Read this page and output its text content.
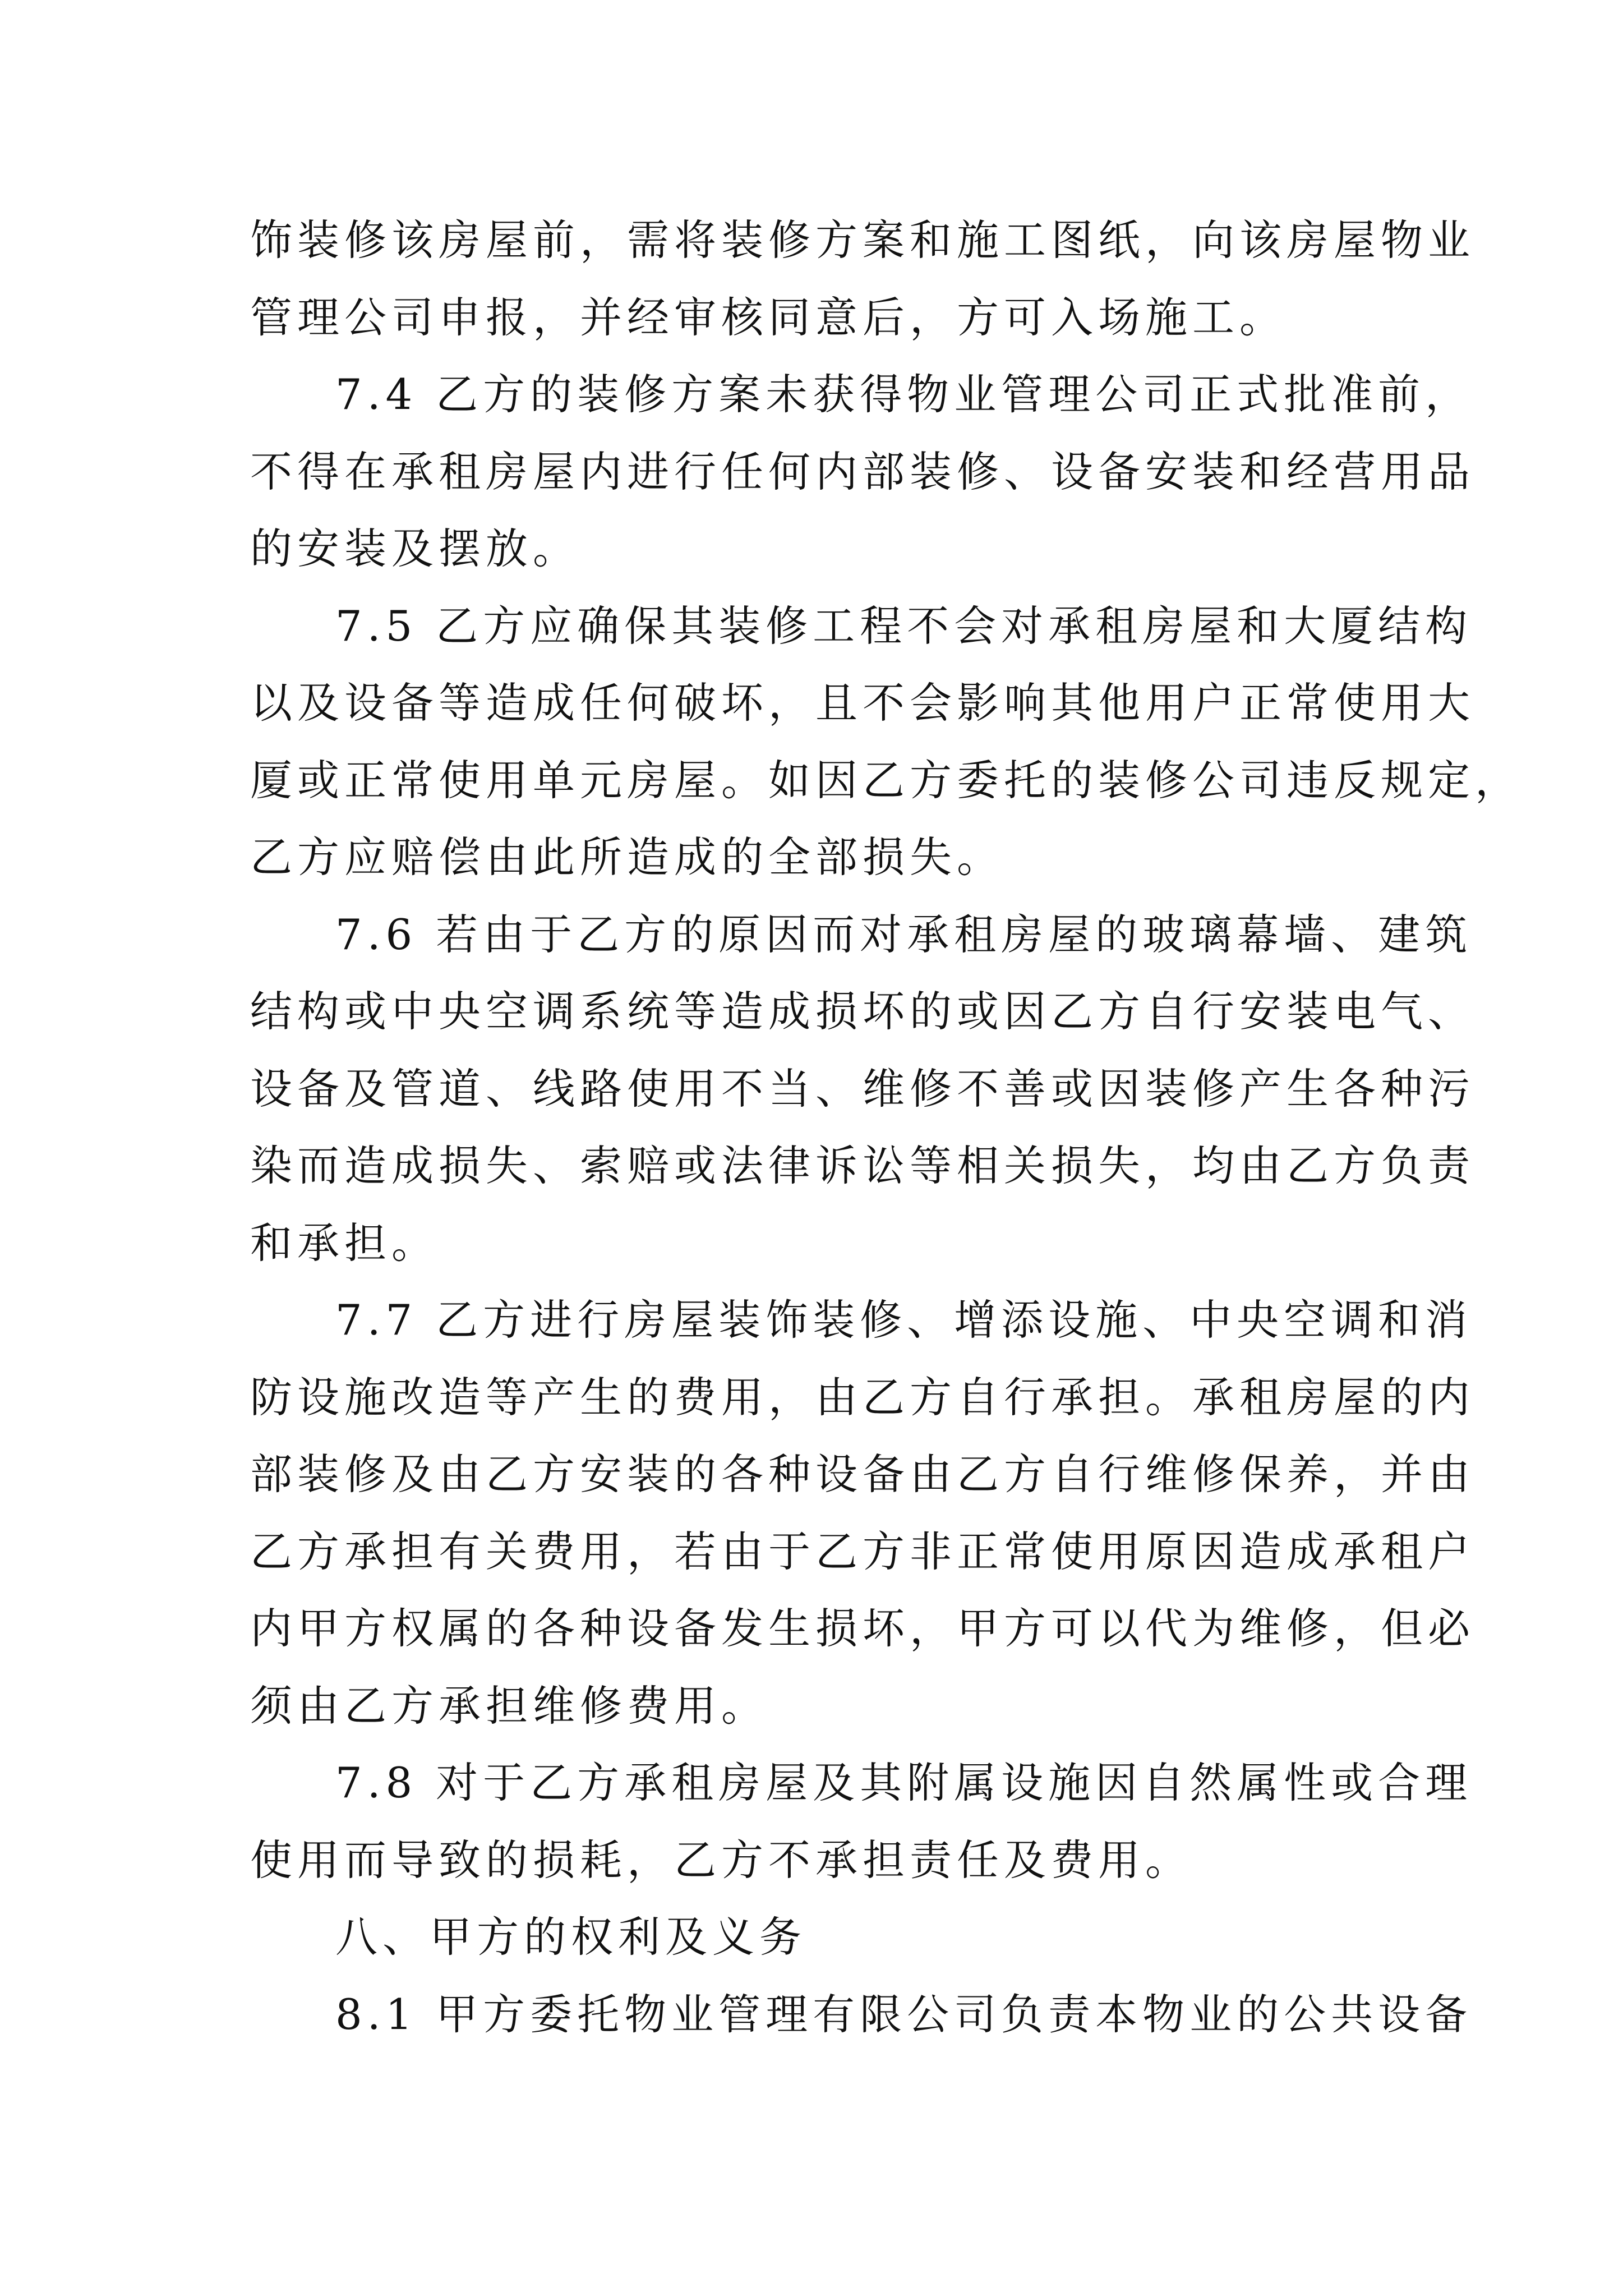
饰装修该房屋前，需将装修方案和施工图纸，向该房屋物业
管理公司申报，并经审核同意后，方可入场施工。
7.4 乙方的装修方案未获得物业管理公司正式批准前，
不得在承租房屋内进行任何内部装修、设备安装和经营用品
的安装及摆放。
7.5 乙方应确保其装修工程不会对承租房屋和大厦结构
以及设备等造成任何破坏，且不会影响其他用户正常使用大
厦或正常使用单元房屋。如因乙方委托的装修公司违反规定，
乙方应赔偿由此所造成的全部损失。
7.6 若由于乙方的原因而对承租房屋的玻璃幕墙、建筑
结构或中央空调系统等造成损坏的或因乙方自行安装电气、
设备及管道、线路使用不当、维修不善或因装修产生各种污
染而造成损失、索赔或法律诉讼等相关损失，均由乙方负责
和承担。
7.7 乙方进行房屋装饰装修、增添设施、中央空调和消
防设施改造等产生的费用，由乙方自行承担。承租房屋的内
部装修及由乙方安装的各种设备由乙方自行维修保养，并由
乙方承担有关费用，若由于乙方非正常使用原因造成承租户
内甲方权属的各种设备发生损坏，甲方可以代为维修，但必
须由乙方承担维修费用。
7.8 对于乙方承租房屋及其附属设施因自然属性或合理
使用而导致的损耗，乙方不承担责任及费用。
八、甲方的权利及义务
8.1 甲方委托物业管理有限公司负责本物业的公共设备
